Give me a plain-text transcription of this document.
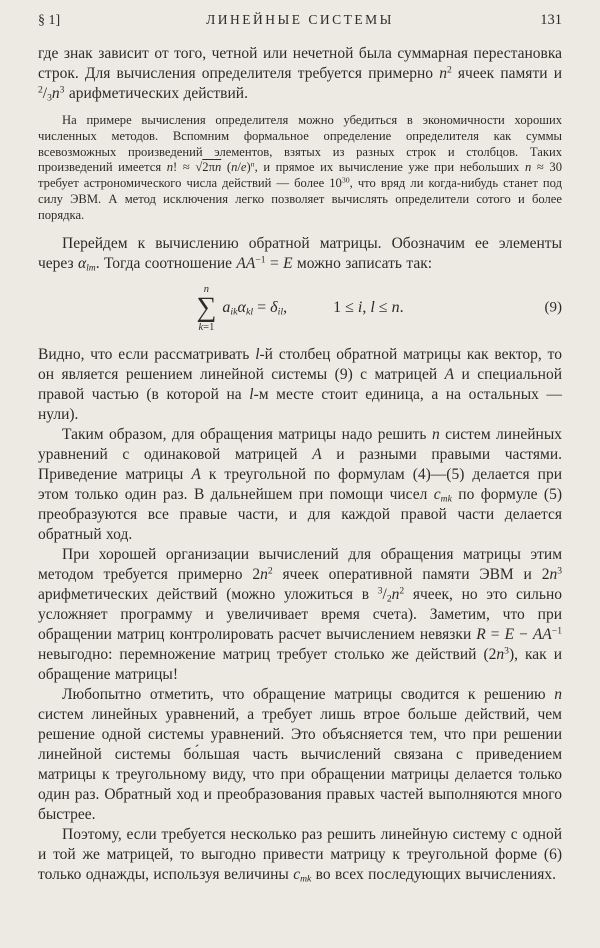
§ 1]	ЛИНЕЙНЫЕ СИСТЕМЫ	131

где знак зависит от того, четной или нечетной была суммарная перестановка строк. Для вычисления определителя требуется примерно $n^2$ ячеек памяти и $^2/3n^3$ арифметических действий.

На примере вычисления определителя можно убедиться в экономичности хороших численных методов. Вспомним формальное определение определителя как суммы всевозможных произведений элементов, взятых из разных строк и столбцов. Таких произведений имеется n! ≈ $√2\pi\overline{n}$ $(n/e)^n$, и прямое их вычисление уже при небольших n ≈ 30 требует астрономического числа действий — более $10^{30}$, что вряд ли когда-нибудь станет под силу ЭВМ. А метод исключения легко позволяет вычислять определители сотого и более порядка.

Перейдем к вычислению обратной матрицы. Обозначим ее элементы через αlm. Тогда соотношение $AA^{-1} = E$ можно записать так:

n
∑
k=1
aikαkl = δil,	1 ≤ i, l ≤ n.	(9)

Видно, что если рассматривать l-й столбец обратной матрицы как вектор, то он является решением линейной системы (9) с матрицей A и специальной правой частью (в которой на l-м месте стоит единица, а на остальных — нули).

Таким образом, для обращения матрицы надо решить n систем линейных уравнений с одинаковой матрицей A и разными правыми частями. Приведение матрицы A к треугольной по формулам (4)—(5) делается при этом только один раз. В дальнейшем при помощи чисел cmk по формуле (5) преобразуются все правые части, и для каждой правой части делается обратный ход.

При хорошей организации вычислений для обращения матрицы этим методом требуется примерно $2n^2$ ячеек оперативной памяти ЭВМ и $2n^3$ арифметических действий (можно уложиться в $^3/2n^2$ ячеек, но это сильно усложняет программу и увеличивает время счета). Заметим, что при обращении матриц контролировать расчет вычислением невязки $R = E - AA^{-1}$ невыгодно: перемножение матриц требует столько же действий $(2n^3)$, как и обращение матрицы!

Любопытно отметить, что обращение матрицы сводится к решению n систем линейных уравнений, а требует лишь втрое больше действий, чем решение одной системы уравнений. Это объясняется тем, что при решении линейной системы бо́льшая часть вычислений связана с приведением матрицы к треугольному виду, что при обращении матрицы делается только один раз. Обратный ход и преобразования правых частей выполняются много быстрее.

Поэтому, если требуется несколько раз решить линейную систему с одной и той же матрицей, то выгодно привести матрицу к треугольной форме (6) только однажды, используя величины cmk во всех последующих вычислениях.
